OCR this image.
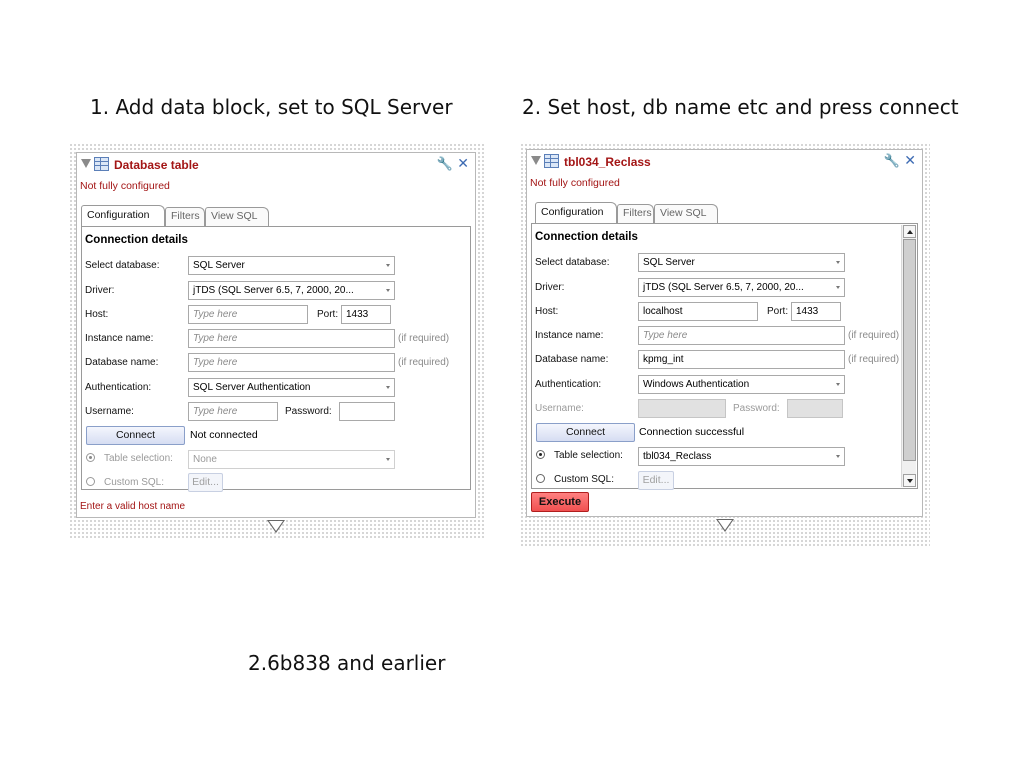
1. Add data block, set to SQL Server	2. Set host, db name etc and press connect
2.6b838 and earlier
Database table	🔧 ✕
Not fully configured
Configuration	Filters	View SQL
Connection details
Select database:	SQL Server
Driver:	jTDS (SQL Server 6.5, 7, 2000, 20...
Host:	Type here	Port: 1433
Instance name:	Type here	(if required)
Database name:	Type here	(if required)
Authentication:	SQL Server Authentication
Username:	Type here	Password:
Connect	Not connected
Table selection:	None
Custom SQL:	Edit...
Enter a valid host name
tbl034_Reclass	🔧 ✕
Not fully configured
Configuration	Filters View SQL
Connection details
Select database:	SQL Server
Driver:	jTDS (SQL Server 6.5, 7, 2000, 20...
Host:	localhost	Port: 1433
Instance name:	Type here	(if required)
Database name:	kpmg_int	(if required)
Authentication:	Windows Authentication
Username:	Password:
Connect	Connection successful
Table selection:	tbl034_Reclass
Custom SQL:	Edit...
Execute
